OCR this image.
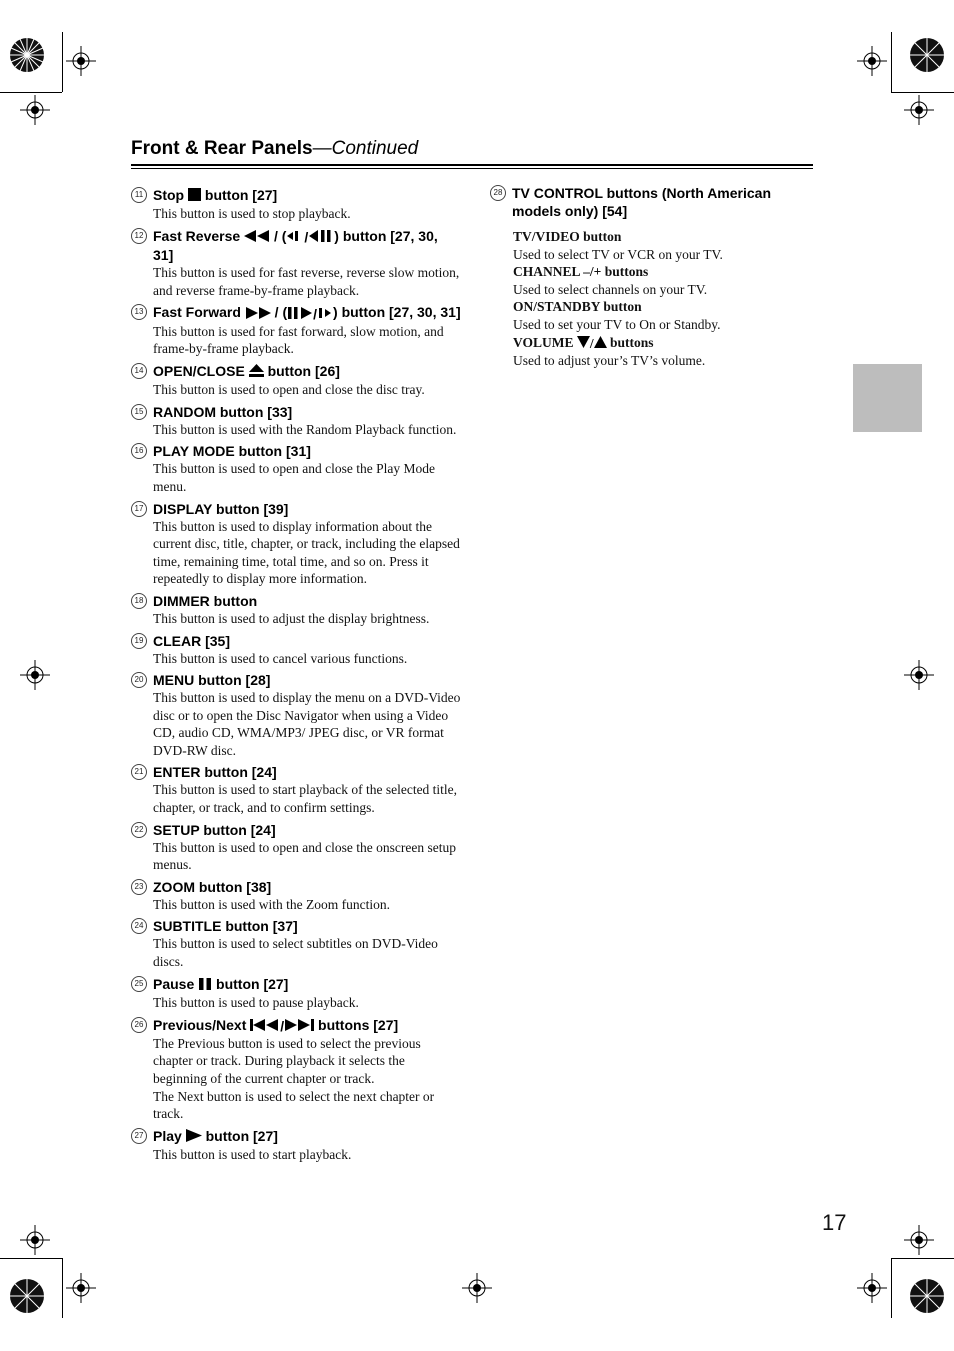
Front & Rear Panels—Continued
11 Stop  button [27]
This button is used to stop playback.
12 Fast Reverse  / ( / ) button [27, 30, 31]
This button is used for fast reverse, reverse slow motion, and reverse frame-by-frame playback.
13 Fast Forward  / ( / ) button [27, 30, 31]
This button is used for fast forward, slow motion, and frame-by-frame playback.
14 OPEN/CLOSE  button [26]
This button is used to open and close the disc tray.
15 RANDOM button [33]
This button is used with the Random Playback function.
16 PLAY MODE button [31]
This button is used to open and close the Play Mode menu.
17 DISPLAY button [39]
This button is used to display information about the current disc, title, chapter, or track, including the elapsed time, remaining time, total time, and so on. Press it repeatedly to display more information.
18 DIMMER button
This button is used to adjust the display brightness.
19 CLEAR [35]
This button is used to cancel various functions.
20 MENU button [28]
This button is used to display the menu on a DVD-Video disc or to open the Disc Navigator when using a Video CD, audio CD, WMA/MP3/ JPEG disc, or VR format DVD-RW disc.
21 ENTER button [24]
This button is used to start playback of the selected title, chapter, or track, and to confirm settings.
22 SETUP button [24]
This button is used to open and close the onscreen setup menus.
23 ZOOM button [38]
This button is used with the Zoom function.
24 SUBTITLE button [37]
This button is used to select subtitles on DVD-Video discs.
25 Pause  button [27]
This button is used to pause playback.
26 Previous/Next / buttons [27]
The Previous button is used to select the previous chapter or track. During playback it selects the beginning of the current chapter or track.
The Next button is used to select the next chapter or track.
27 Play  button [27]
This button is used to start playback.
28 TV CONTROL buttons (North American models only) [54]
TV/VIDEO button
Used to select TV or VCR on your TV.
CHANNEL –/+ buttons
Used to select channels on your TV.
ON/STANDBY button
Used to set your TV to On or Standby.
VOLUME / buttons
Used to adjust your’s TV’s volume.
17
